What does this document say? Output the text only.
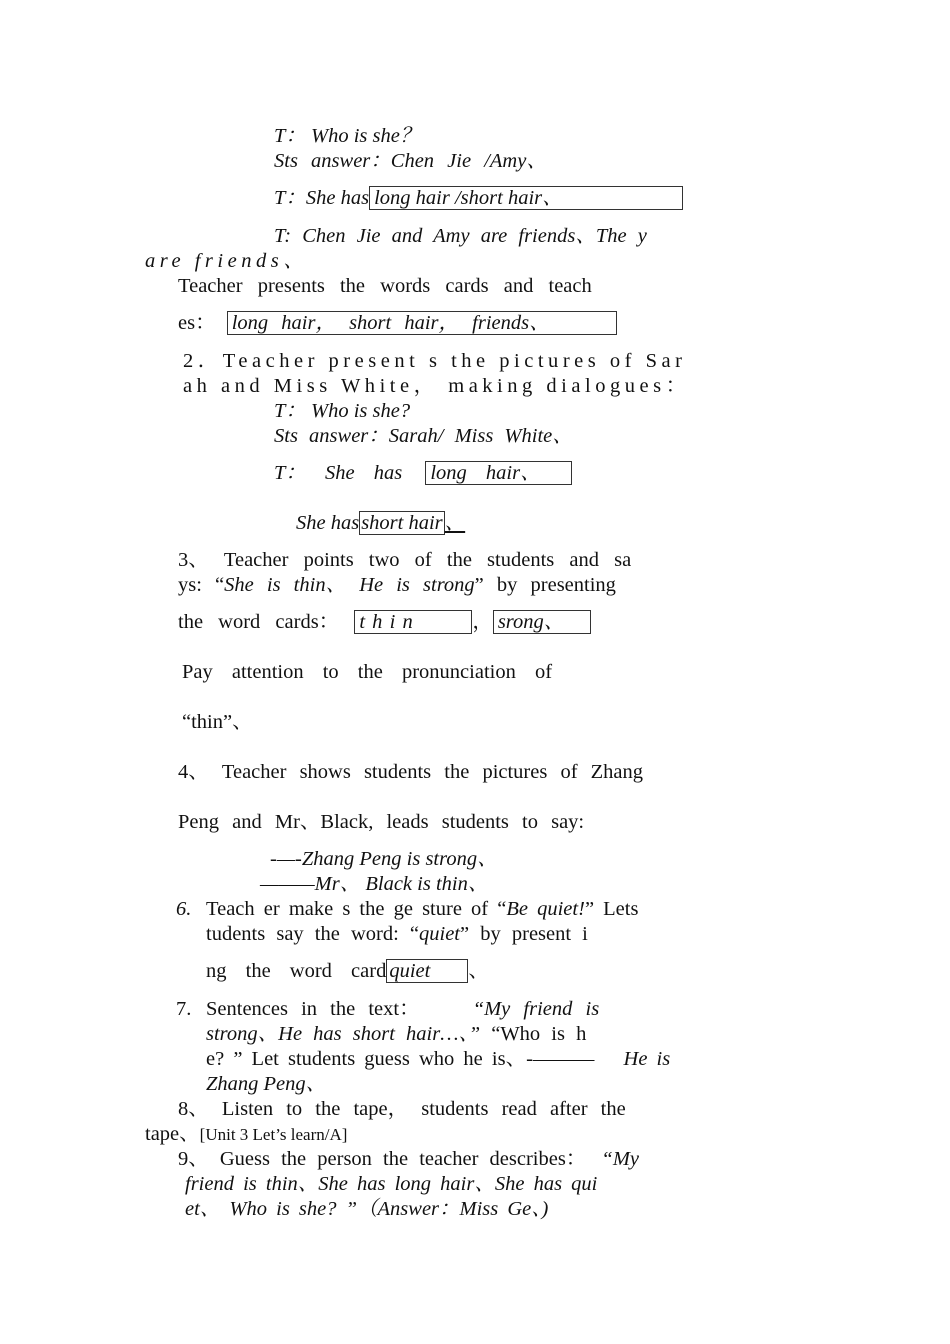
T： Who is she？
Sts answer：Chen Jie /Amy、
T：She has long hair /short hair、
T: Chen Jie and Amy are friends、The y
are friends、
Teacher presents the words cards and teach
es： long hair， short hair， friends、
2．Teacher present s the pictures of Sar
ah and Miss White， making dialogues：
T： Who is she?
Sts answer：Sarah/ Miss White、
T： She has long hair、
She hasshort hair、
3、 Teacher points two of the students and sa
ys: “She is thin、 He is strong” by presenting
the word cards： thin	， srong、
Pay attention to the pronunciation of
“thin”、
4、 Teacher shows students the pictures of Zhang
Peng and Mr、Black, leads students to say:
-—-Zhang Peng is strong、
———Mr、 Black is thin、
6. Teach er make s the ge sture of “Be quiet!” Lets
tudents say the word: “quiet” by present i
ng the word card quiet 、
7. Sentences in the text：	“My friend is
strong、He has short hair…、” “Who is h
e? ” Let students guess who he is、-——— He is
Zhang Peng、
8、 Listen to the tape， students read after the
tape、[Unit 3 Let’s learn/A]
9、 Guess the person the teacher describes： “My
friend is thin、She has long hair、She has qui
et、 Who is she? ”（Answer：Miss Ge、)
